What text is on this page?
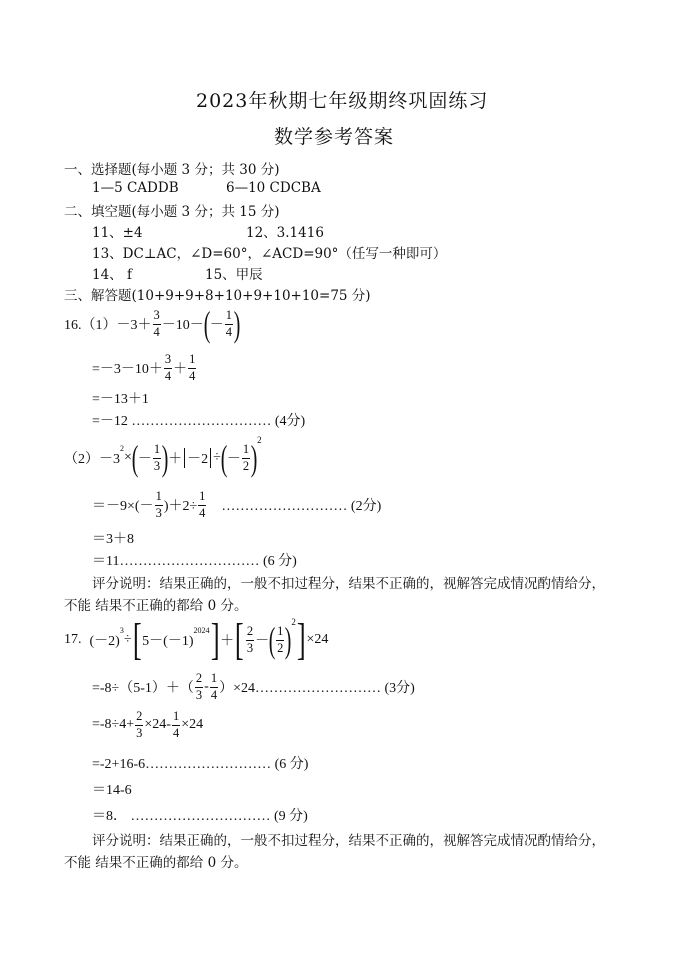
2023年秋期七年级期终巩固练习
数学参考答案
一、选择题(每小题 3 分；共 30 分)
1—5 CADDB	6—10 CDCBA
二、填空题(每小题 3 分；共 15 分)
11、±4	12、3.1416
13、DC⊥AC，∠D=60°，∠ACD=90°（任写一种即可）
14、 f	15、甲辰
三、解答题(10+9+9+8+10+9+10+10=75 分)
$16.(1) -3+ \frac{3}{4} -10-$ ( － $\frac{1}{4}$ )
$=-3-10+ \frac{3}{4} + \frac{1}{4}$
=－13＋1
=－12 ………………………… (4分)
（2） －3
2
× ( － $\frac{1}{3}$ ) ＋ －2 ÷ ( － $\frac{1}{2}$ ) 2
$=-9\times(- \frac{1}{3} )+2\div \frac{1}{4}$ ……………………… (2分)
＝3＋8
＝11………………………… (6 分)
评分说明：结果正确的，一般不扣过程分，结果不正确的，视解答完成情况酌情给分，
不能 结果不正确的都给 0 分。
17. (－2)
3
÷ [ 5－(－1)
2024 ] ＋ [ $\frac{2}{3}$ － ( $\frac{1}{2}$ ) 2 ] ×24
$=-8\div(5-1)+( \frac{2}{3} - \frac{1}{4}$ ）×24……………………… (3分)
$=-8\div 4+ \frac{2}{3} \times 24- \frac{1}{4} \times 24$
=-2+16-6……………………… (6 分)
＝14-6
＝8． ………………………… (9 分)
评分说明：结果正确的，一般不扣过程分，结果不正确的，视解答完成情况酌情给分，
不能 结果不正确的都给 0 分。
